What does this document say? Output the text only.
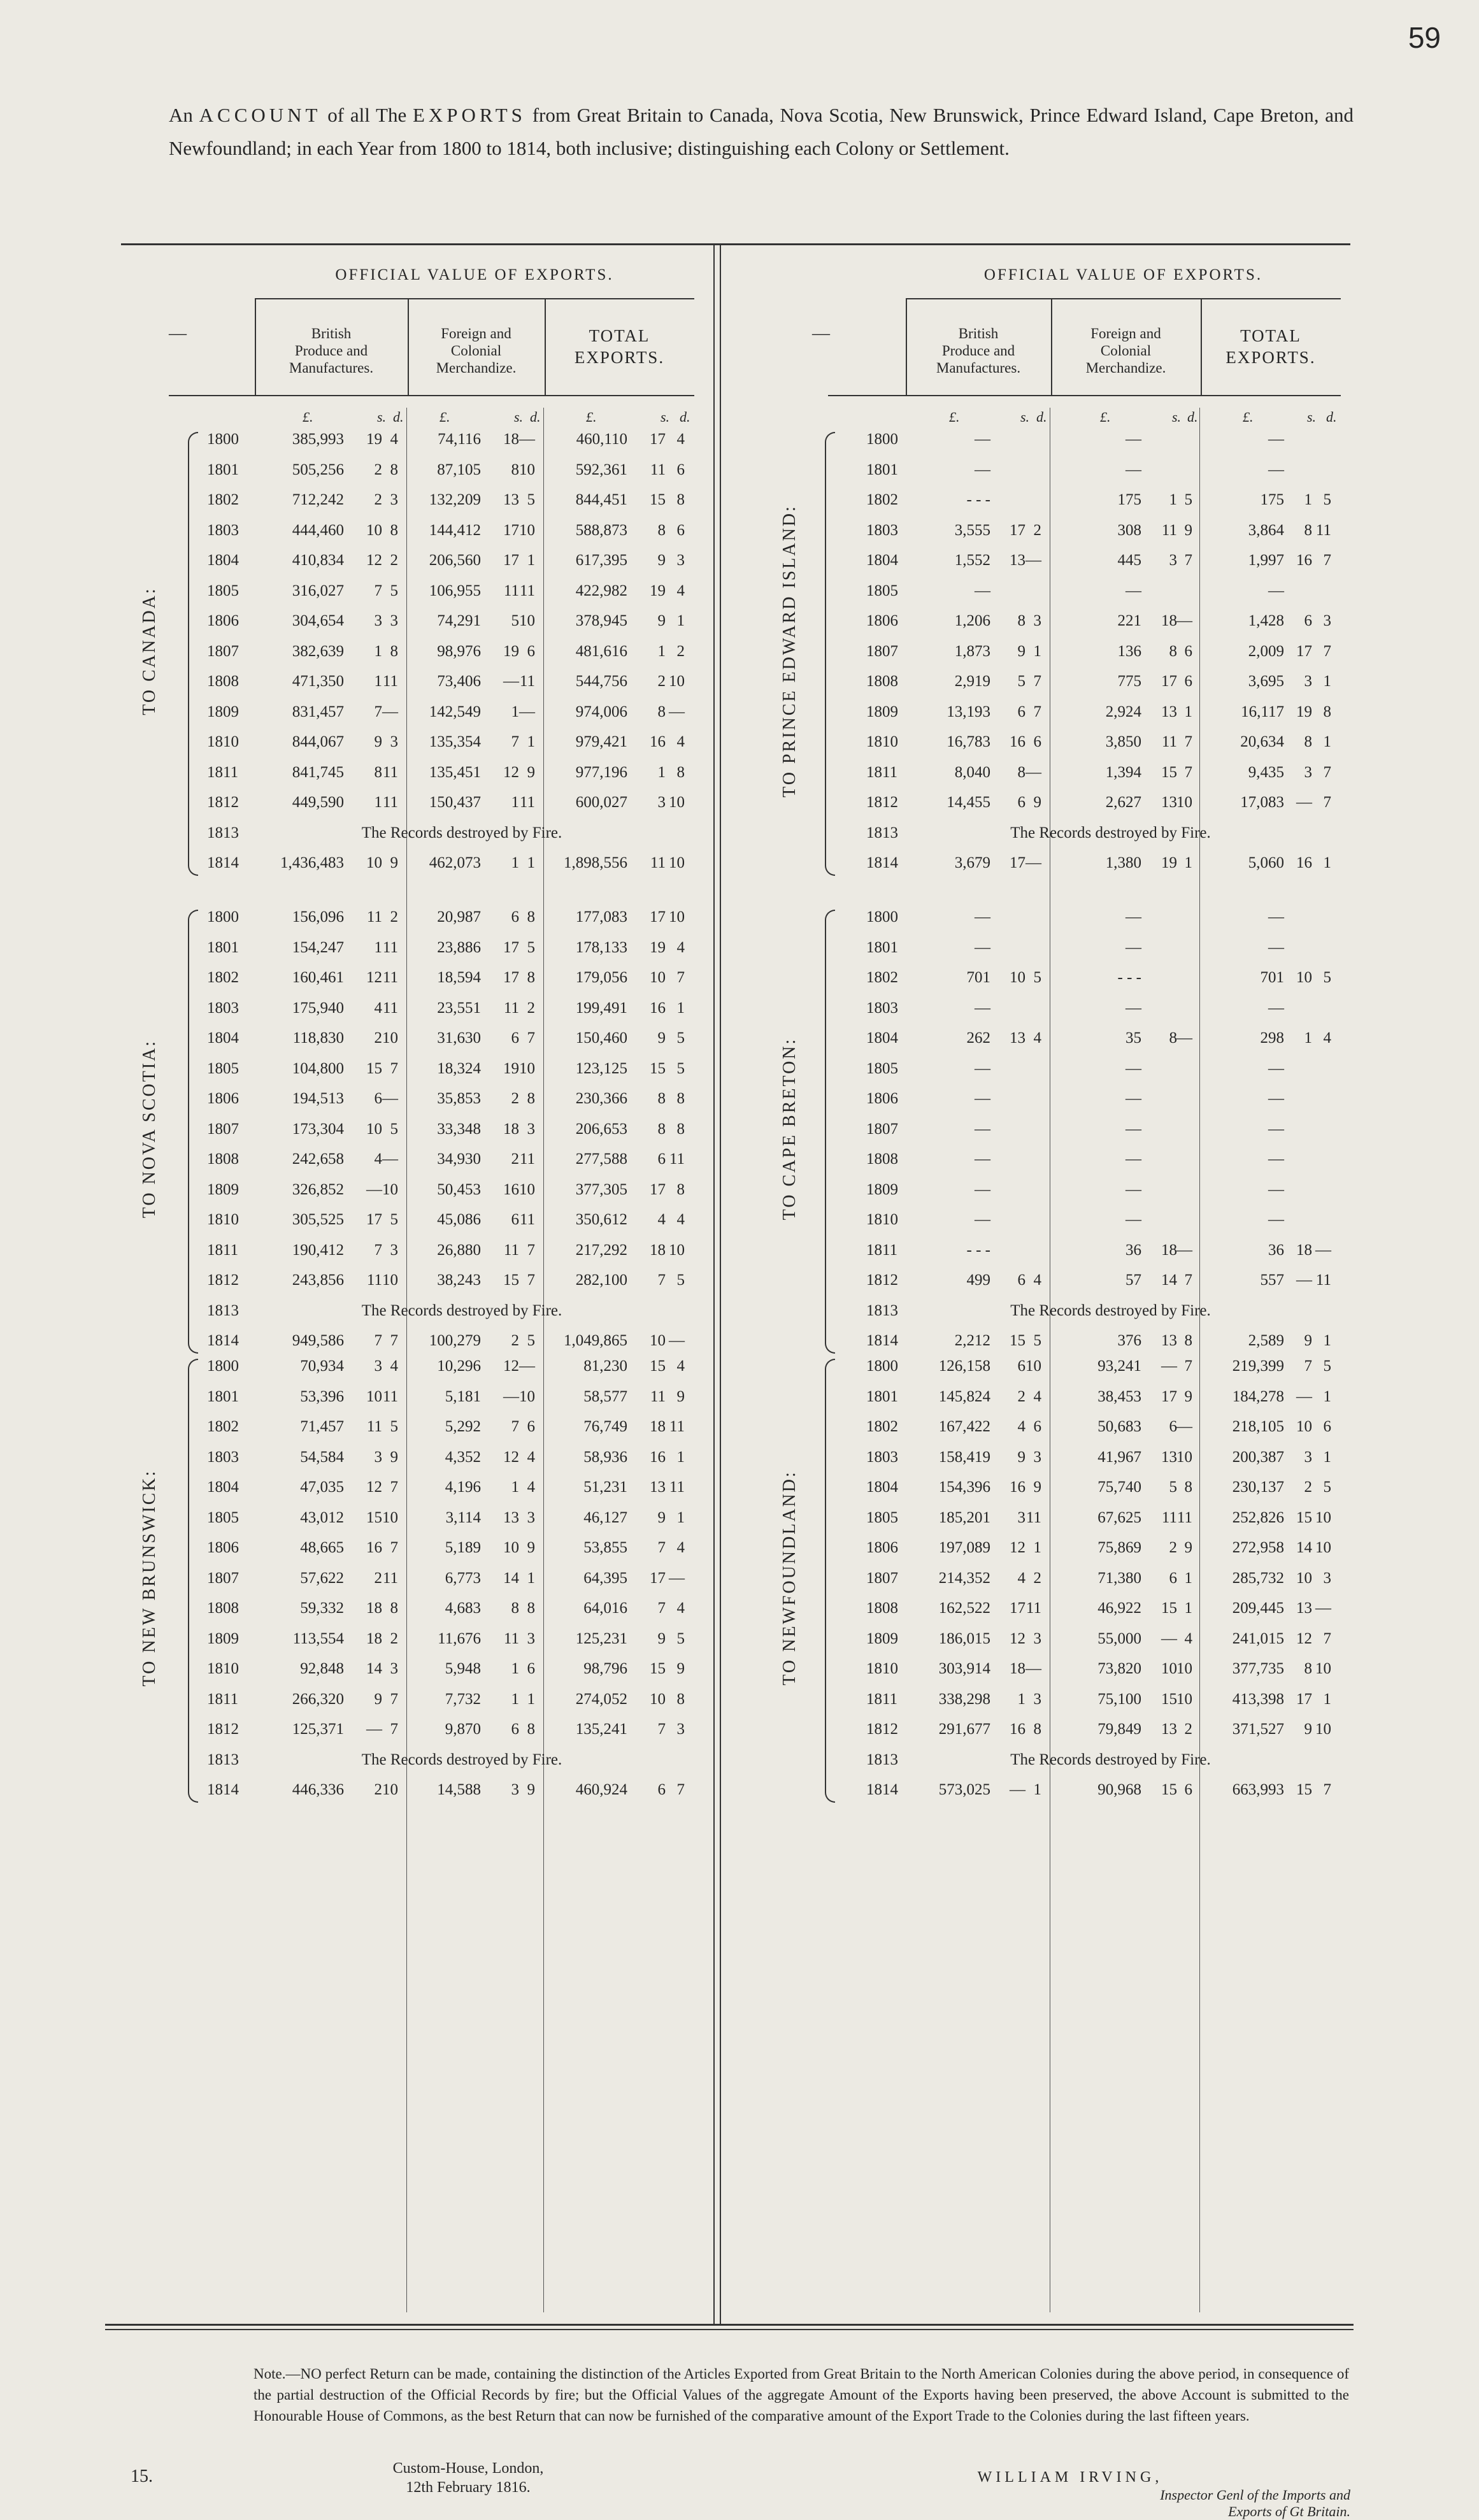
59
An ACCOUNT of all The EXPORTS from Great Britain to Canada, Nova Scotia, New Brunswick, Prince Edward Island, Cape Breton, and Newfoundland; in each Year from 1800 to 1814, both inclusive; distinguishing each Colony or Settlement.
—
OFFICIAL VALUE OF EXPORTS.
British
Produce and
Manufactures.
Foreign and
Colonial
Merchandize.
TOTAL
EXPORTS.
£.	s. d.	£.	s. d.	£.	s. d.
TO CANADA:
1800	385,993	19 4	74,116	18 —	460,110	17 4
1801	505,256	2 8	87,105	8 10	592,361	11 6
1802	712,242	2 3	132,209	13 5	844,451	15 8
1803	444,460	10 8	144,412	17 10	588,873	8 6
1804	410,834	12 2	206,560	17 1	617,395	9 3
1805	316,027	7 5	106,955	11 11	422,982	19 4
1806	304,654	3 3	74,291	5 10	378,945	9 1
1807	382,639	1 8	98,976	19 6	481,616	1 2
1808	471,350	1 11	73,406	— 11	544,756	2 10
1809	831,457	7 —	142,549	1 —	974,006	8 —
1810	844,067	9 3	135,354	7 1	979,421	16 4
1811	841,745	8 11	135,451	12 9	977,196	1 8
1812	449,590	1 11	150,437	1 11	600,027	3 10
1813	The Records destroyed by Fire.
1814	1,436,483	10 9	462,073	1 1	1,898,556	11 10
TO NOVA SCOTIA:
1800	156,096	11 2	20,987	6 8	177,083	17 10
1801	154,247	1 11	23,886	17 5	178,133	19 4
1802	160,461	12 11	18,594	17 8	179,056	10 7
1803	175,940	4 11	23,551	11 2	199,491	16 1
1804	118,830	2 10	31,630	6 7	150,460	9 5
1805	104,800	15 7	18,324	19 10	123,125	15 5
1806	194,513	6 —	35,853	2 8	230,366	8 8
1807	173,304	10 5	33,348	18 3	206,653	8 8
1808	242,658	4 —	34,930	2 11	277,588	6 11
1809	326,852	— 10	50,453	16 10	377,305	17 8
1810	305,525	17 5	45,086	6 11	350,612	4 4
1811	190,412	7 3	26,880	11 7	217,292	18 10
1812	243,856	11 10	38,243	15 7	282,100	7 5
1813	The Records destroyed by Fire.
1814	949,586	7 7	100,279	2 5	1,049,865	10 —
TO NEW BRUNSWICK:
1800	70,934	3 4	10,296	12 —	81,230	15 4
1801	53,396	10 11	5,181	— 10	58,577	11 9
1802	71,457	11 5	5,292	7 6	76,749	18 11
1803	54,584	3 9	4,352	12 4	58,936	16 1
1804	47,035	12 7	4,196	1 4	51,231	13 11
1805	43,012	15 10	3,114	13 3	46,127	9 1
1806	48,665	16 7	5,189	10 9	53,855	7 4
1807	57,622	2 11	6,773	14 1	64,395	17 —
1808	59,332	18 8	4,683	8 8	64,016	7 4
1809	113,554	18 2	11,676	11 3	125,231	9 5
1810	92,848	14 3	5,948	1 6	98,796	15 9
1811	266,320	9 7	7,732	1 1	274,052	10 8
1812	125,371	— 7	9,870	6 8	135,241	7 3
1813	The Records destroyed by Fire.
1814	446,336	2 10	14,588	3 9	460,924	6 7
—
OFFICIAL VALUE OF EXPORTS.
British
Produce and
Manufactures.
Foreign and
Colonial
Merchandize.
TOTAL
EXPORTS.
£.	s. d.	£.	s. d.	£.	s. d.
TO PRINCE EDWARD ISLAND:
1800	—	—	—
1801	—	—	—
1802	- - -	175	1 5	175	1 5
1803	3,555	17 2	308	11 9	3,864	8 11
1804	1,552	13 —	445	3 7	1,997 16 7
1805	—	—	—
1806	1,206	8 3	221	18 —	1,428	6 3
1807	1,873	9 1	136	8 6	2,009 17 7
1808	2,919	5 7	775	17 6	3,695	3 1
1809	13,193	6 7	2,924	13 1	16,117 19 8
1810	16,783	16 6	3,850	11 7	20,634	8 1
1811	8,040	8 —	1,394	15 7	9,435	3 7
1812	14,455	6 9	2,627	13 10	17,083 — 7
1813	The Records destroyed by Fire.
1814	3,679	17 —	1,380	19 1	5,060 16 1
TO CAPE BRETON:
1800	—	—	—
1801	—	—	—
1802	701	10 5	- - -	701 10 5
1803	—	—	—
1804	262	13 4	35	8 —	298	1 4
1805	—	—	—
1806	—	—	—
1807	—	—	—
1808	—	—	—
1809	—	—	—
1810	—	—	—
1811	- - -	36	18 —	36 18 —
1812	499	6 4	57	14 7	557 — 11
1813	The Records destroyed by Fire.
1814	2,212	15 5	376	13 8	2,589	9 1
TO NEWFOUNDLAND:
1800	126,158	6 10	93,241	— 7	219,399	7 5
1801	145,824	2 4	38,453	17 9	184,278 — 1
1802	167,422	4 6	50,683	6 —	218,105 10 6
1803	158,419	9 3	41,967	13 10	200,387	3 1
1804	154,396	16 9	75,740	5 8	230,137	2 5
1805	185,201	3 11	67,625	11 11	252,826 15 10
1806	197,089	12 1	75,869	2 9	272,958 14 10
1807	214,352	4 2	71,380	6 1	285,732 10 3
1808	162,522	17 11	46,922	15 1	209,445 13 —
1809	186,015	12 3	55,000	— 4	241,015 12 7
1810	303,914	18 —	73,820	10 10	377,735	8 10
1811	338,298	1 3	75,100	15 10	413,398 17 1
1812	291,677	16 8	79,849	13 2	371,527	9 10
1813	The Records destroyed by Fire.
1814	573,025	— 1	90,968	15 6	663,993 15 7
Note.—NO perfect Return can be made, containing the distinction of the Articles Exported from Great Britain to the North American Colonies during the above period, in consequence of the partial destruction of the Official Records by fire; but the Official Values of the aggregate Amount of the Exports having been preserved, the above Account is submitted to the Honourable House of Commons, as the best Return that can now be furnished of the comparative amount of the Export Trade to the Colonies during the last fifteen years.
Custom-House, London,
12th February 1816.
WILLIAM IRVING,
Inspector Genl of the Imports and
Exports of Gt Britain.
15.
